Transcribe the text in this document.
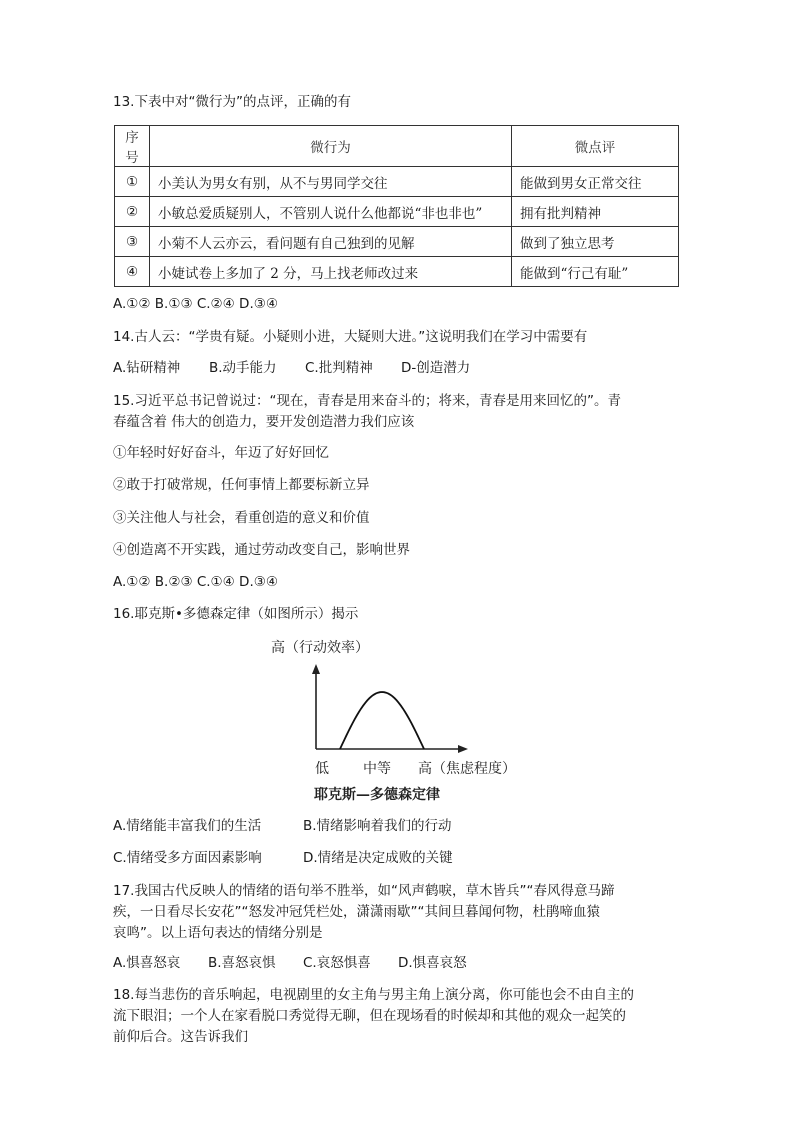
13.下表中对“微行为”的点评，正确的有
序号	微行为	微点评
①	小美认为男女有别，从不与男同学交往	能做到男女正常交往
②	小敏总爱质疑别人，不管别人说什么他都说“非也非也”	拥有批判精神
③	小菊不人云亦云，看问题有自己独到的见解	做到了独立思考
④	小婕试卷上多加了 2 分，马上找老师改过来	能做到“行己有耻”
A.①② B.①③ C.②④ D.③④
14.古人云：“学贵有疑。小疑则小进，大疑则大进。”这说明我们在学习中需要有
A.钻研精神 B.动手能力 C.批判精神 D-创造潜力
15.习近平总书记曾说过：“现在，青春是用来奋斗的；将来，青春是用来回忆的”。青
春蕴含着 伟大的创造力，要开发创造潜力我们应该
①年轻时好好奋斗，年迈了好好回忆
②敢于打破常规，任何事情上都要标新立异
③关注他人与社会，看重创造的意义和价值
④创造离不开实践，通过劳动改变自己，影响世界
A.①② B.②③ C.①④ D.③④
16.耶克斯•多德森定律（如图所示）揭示
高（行动效率）
低 中等 高（焦虑程度）
耶克斯—多德森定律
A.情绪能丰富我们的生活	B.情绪影响着我们的行动
C.情绪受多方面因素影响	D.情绪是决定成败的关键
17.我国古代反映人的情绪的语句举不胜举，如“风声鹤唳，草木皆兵”“春风得意马蹄
疾，一日看尽长安花”“怒发冲冠凭栏处，潇潇雨歇”“其间旦暮闻何物，杜鹃啼血猿
哀鸣”。以上语句表达的情绪分别是
A.惧喜怒哀 B.喜怒哀惧 C.哀怒惧喜 D.惧喜哀怒
18.每当悲伤的音乐响起，电视剧里的女主角与男主角上演分离，你可能也会不由自主的
流下眼泪；一个人在家看脱口秀觉得无聊，但在现场看的时候却和其他的观众一起笑的
前仰后合。这告诉我们
